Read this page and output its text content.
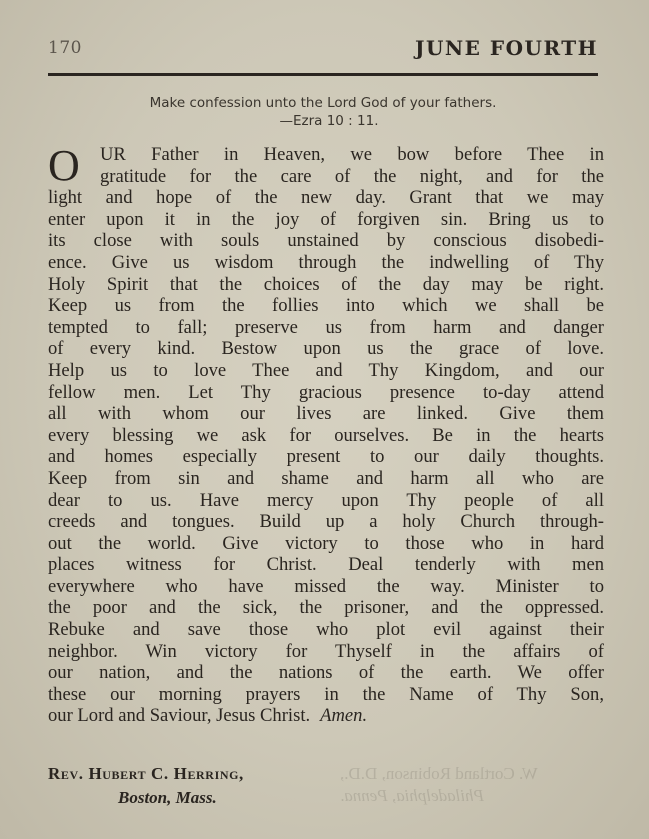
W. Cortland Robinson, D.D.,
Philadelphia, Penna.
170	JUNE FOURTH
Make confession unto the Lord God of your fathers.
—Ezra 10 : 11.
O	UR Father in Heaven, we bow before Thee in
gratitude for the care of the night, and for the
light and hope of the new day. Grant that we may
enter upon it in the joy of forgiven sin. Bring us to
its close with souls unstained by conscious disobedi-
ence. Give us wisdom through the indwelling of Thy
Holy Spirit that the choices of the day may be right.
Keep us from the follies into which we shall be
tempted to fall; preserve us from harm and danger
of every kind. Bestow upon us the grace of love.
Help us to love Thee and Thy Kingdom, and our
fellow men. Let Thy gracious presence to-day attend
all with whom our lives are linked. Give them
every blessing we ask for ourselves. Be in the hearts
and homes especially present to our daily thoughts.
Keep from sin and shame and harm all who are
dear to us. Have mercy upon Thy people of all
creeds and tongues. Build up a holy Church through-
out the world. Give victory to those who in hard
places witness for Christ. Deal tenderly with men
everywhere who have missed the way. Minister to
the poor and the sick, the prisoner, and the oppressed.
Rebuke and save those who plot evil against their
neighbor. Win victory for Thyself in the affairs of
our nation, and the nations of the earth. We offer
these our morning prayers in the Name of Thy Son,
our Lord and Saviour, Jesus Christ. Amen.
Rev. Hubert C. Herring,
Boston, Mass.
